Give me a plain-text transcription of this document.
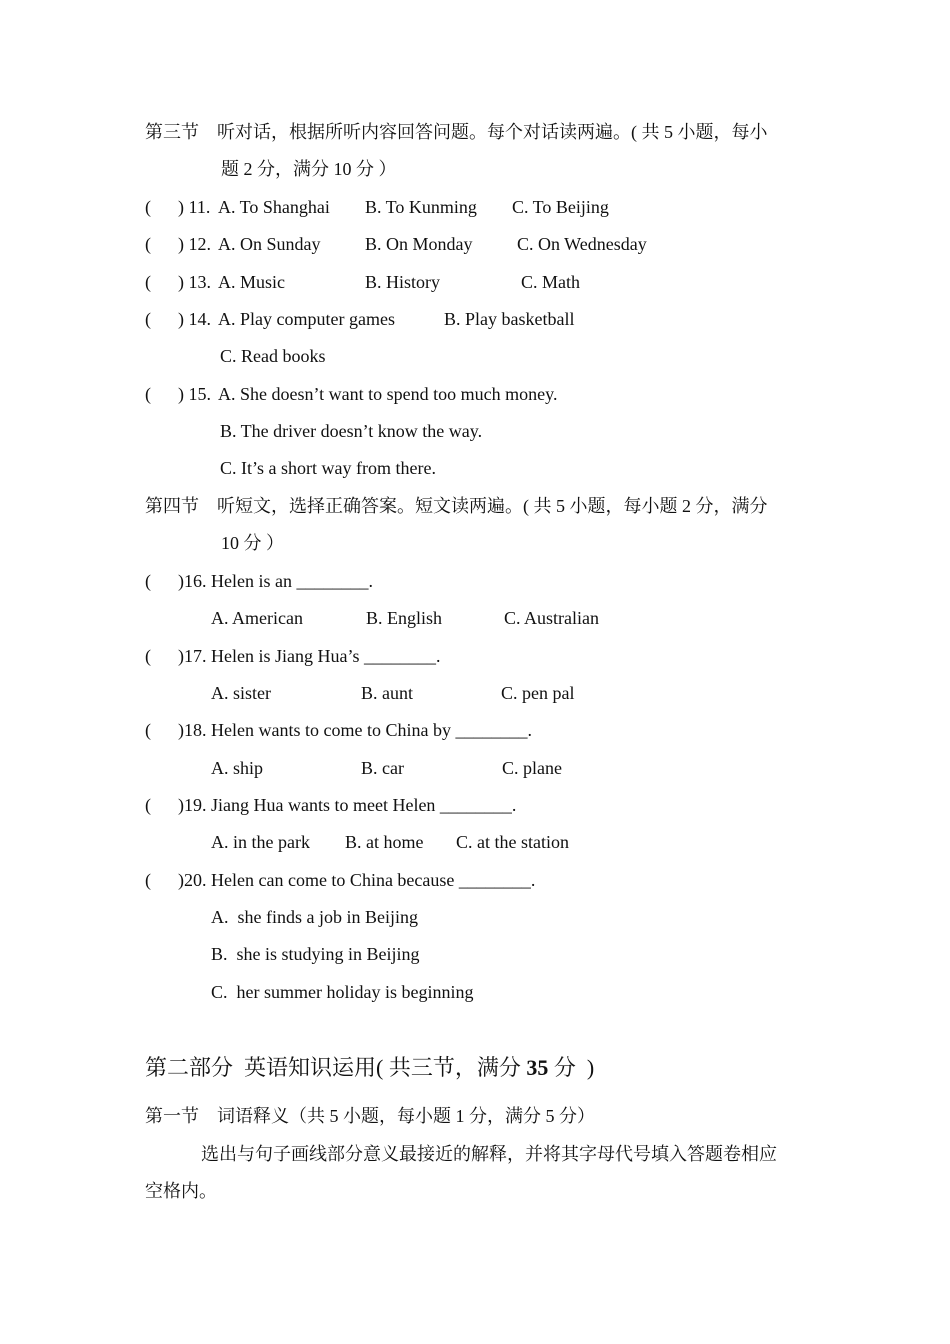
第三节    听对话，根据所听内容回答问题。每个对话读两遍。( 共 5 小题，每小
题 2 分，满分 10 分 ）
( ) 11. A. To Shanghai B. To Kunming C. To Beijing
( ) 12. A. On Sunday B. On Monday C. On Wednesday
( ) 13. A. Music	B. History	C. Math
( ) 14. A. Play computer games	B. Play basketball
C. Read books
( ) 15. A. She doesn’t want to spend too much money.
B. The driver doesn’t know the way.
C. It’s a short way from there.
第四节    听短文，选择正确答案。短文读两遍。( 共 5 小题，每小题 2 分，满分
10 分 ）
( )16. Helen is an ________.
A. American	B. English	C. Australian
( )17. Helen is Jiang Hua’s ________.
A. sister	B. aunt	C. pen pal
( )18. Helen wants to come to China by ________.
A. ship	B. car	C. plane
( )19. Jiang Hua wants to meet Helen ________.
A. in the park B. at home C. at the station
( )20. Helen can come to China because ________.
A.  she finds a job in Beijing
B.  she is studying in Beijing
C.  her summer holiday is beginning
第二部分  英语知识运用( 共三节，满分 35 分  )
第一节    词语释义（共 5 小题，每小题 1 分，满分 5 分）
选出与句子画线部分意义最接近的解释，并将其字母代号填入答题卷相应
空格内。
